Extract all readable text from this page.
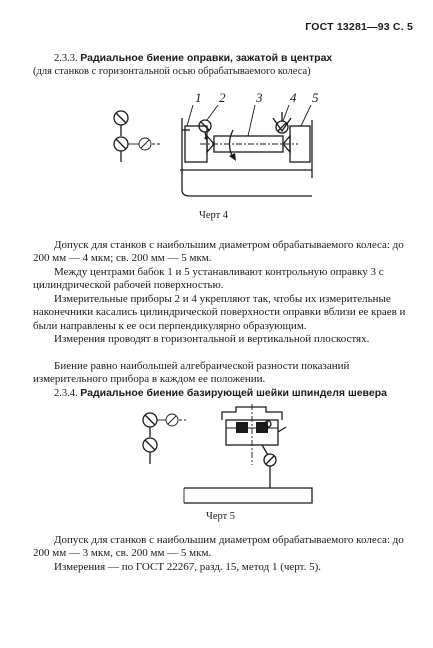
ГОСТ 13281—93 С. 5
2.3.3. Радиальное биение оправки, зажатой в центрах

(для станков с горизонтальной осью обрабатываемого колеса)
1 2 3 4 5
Черт 4
Допуск для станков с наибольшим диаметром обрабатываемого колеса: до 200 мм — 4 мкм; св. 200 мм — 5 мкм.
Между центрами бабок 1 и 5 устанавливают контрольную оправку 3 с цилиндрической рабочей поверхностью.
Измерительные приборы 2 и 4 укрепляют так, чтобы их измерительные наконечники касались цилиндрической поверхности оправки вблизи ее краев и были направлены к ее оси перпендикулярно образующим.
Измерения проводят в горизонтальной и вертикальной плоскостях.
Биение равно наибольшей алгебраической разности показаний измерительного прибора в каждом ее положении.
2.3.4. Радиальное биение базирующей шейки шпинделя шевера
Черт 5
Допуск для станков с наибольшим диаметром обрабатываемого колеса: до 200 мм — 3 мкм, св. 200 мм — 5 мкм.
Измерения — по ГОСТ 22267, разд. 15, метод 1 (черт. 5).
